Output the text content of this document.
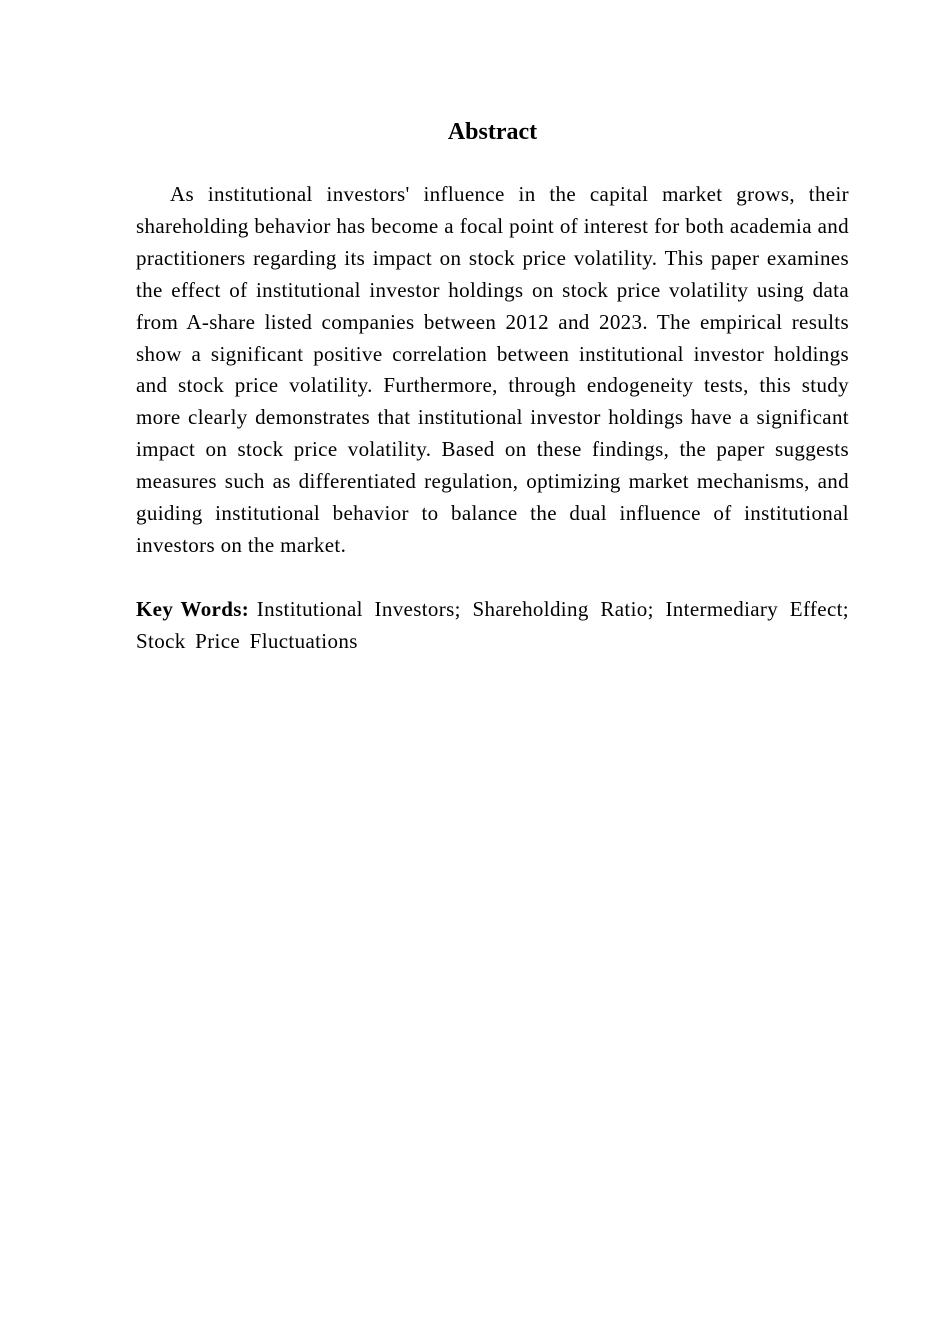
Abstract

As institutional investors' influence in the capital market grows, their shareholding behavior has become a focal point of interest for both academia and practitioners regarding its impact on stock price volatility. This paper examines the effect of institutional investor holdings on stock price volatility using data from A-share listed companies between 2012 and 2023. The empirical results show a significant positive correlation between institutional investor holdings and stock price volatility. Furthermore, through endogeneity tests, this study more clearly demonstrates that institutional investor holdings have a significant impact on stock price volatility. Based on these findings, the paper suggests measures such as differentiated regulation, optimizing market mechanisms, and guiding institutional behavior to balance the dual influence of institutional investors on the market.

Key Words: Institutional Investors; Shareholding Ratio; Intermediary Effect; Stock Price Fluctuations
